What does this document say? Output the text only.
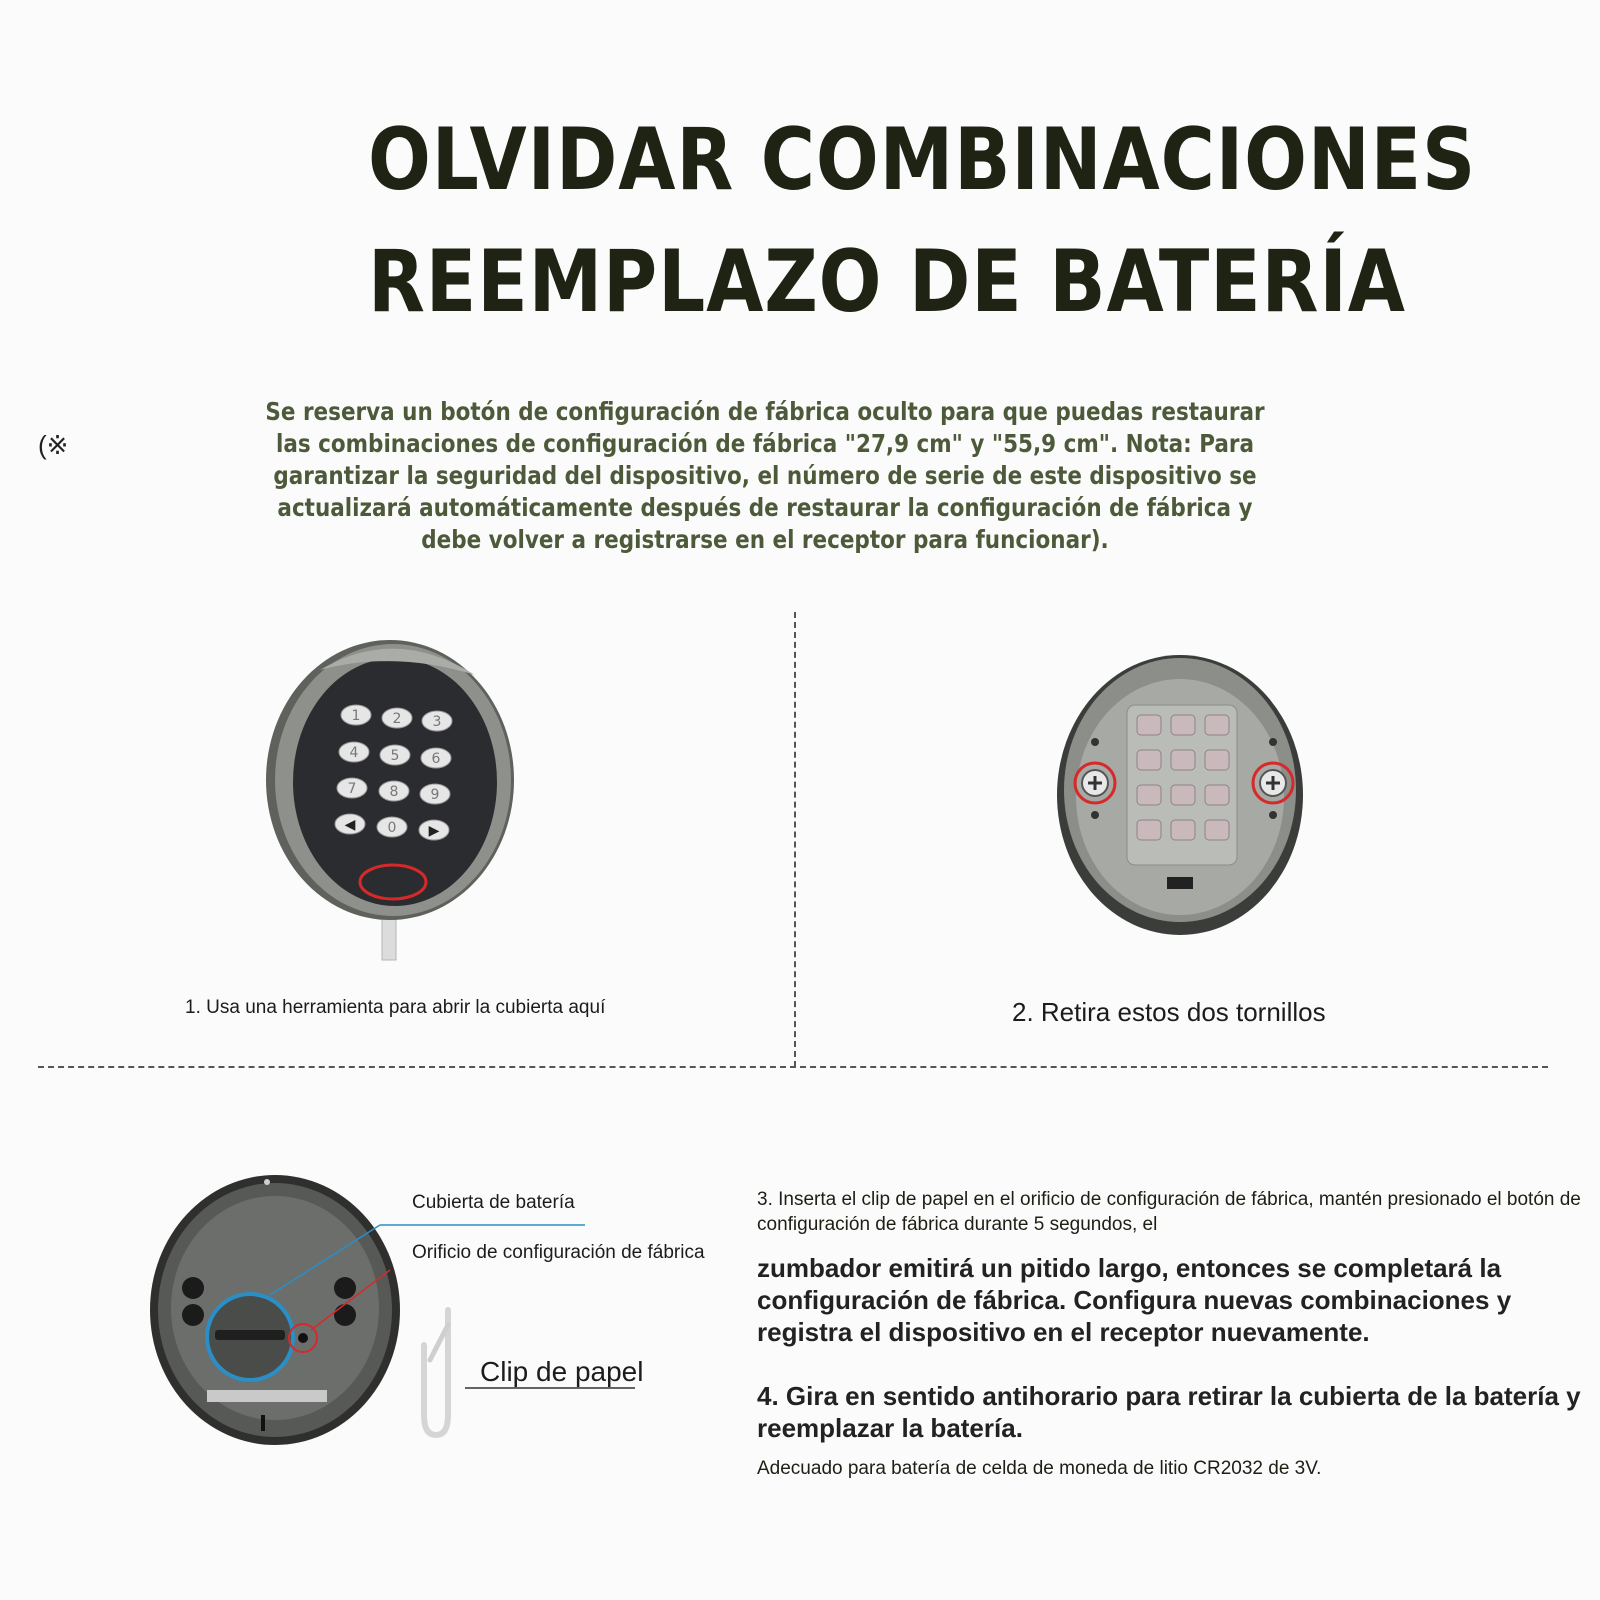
OLVIDAR COMBINACIONES
REEMPLAZO DE BATERÍA
(※
Se reserva un botón de configuración de fábrica oculto para que puedas restaurar las combinaciones de configuración de fábrica "27,9 cm" y "55,9 cm". Nota: Para garantizar la seguridad del dispositivo, el número de serie de este dispositivo se actualizará automáticamente después de restaurar la configuración de fábrica y debe volver a registrarse en el receptor para funcionar).
1 2 3
4 5 6
7 8 9
◀ 0 ▶
1. Usa una herramienta para abrir la cubierta aquí	2. Retira estos dos tornillos
Cubierta de batería
Orificio de configuración de fábrica
Clip de papel
3. Inserta el clip de papel en el orificio de configuración de fábrica, mantén presionado el botón de configuración de fábrica durante 5 segundos, el
zumbador emitirá un pitido largo, entonces se completará la configuración de fábrica. Configura nuevas combinaciones y registra el dispositivo en el receptor nuevamente.
4. Gira en sentido antihorario para retirar la cubierta de la batería y reemplazar la batería.
Adecuado para batería de celda de moneda de litio CR2032 de 3V.
